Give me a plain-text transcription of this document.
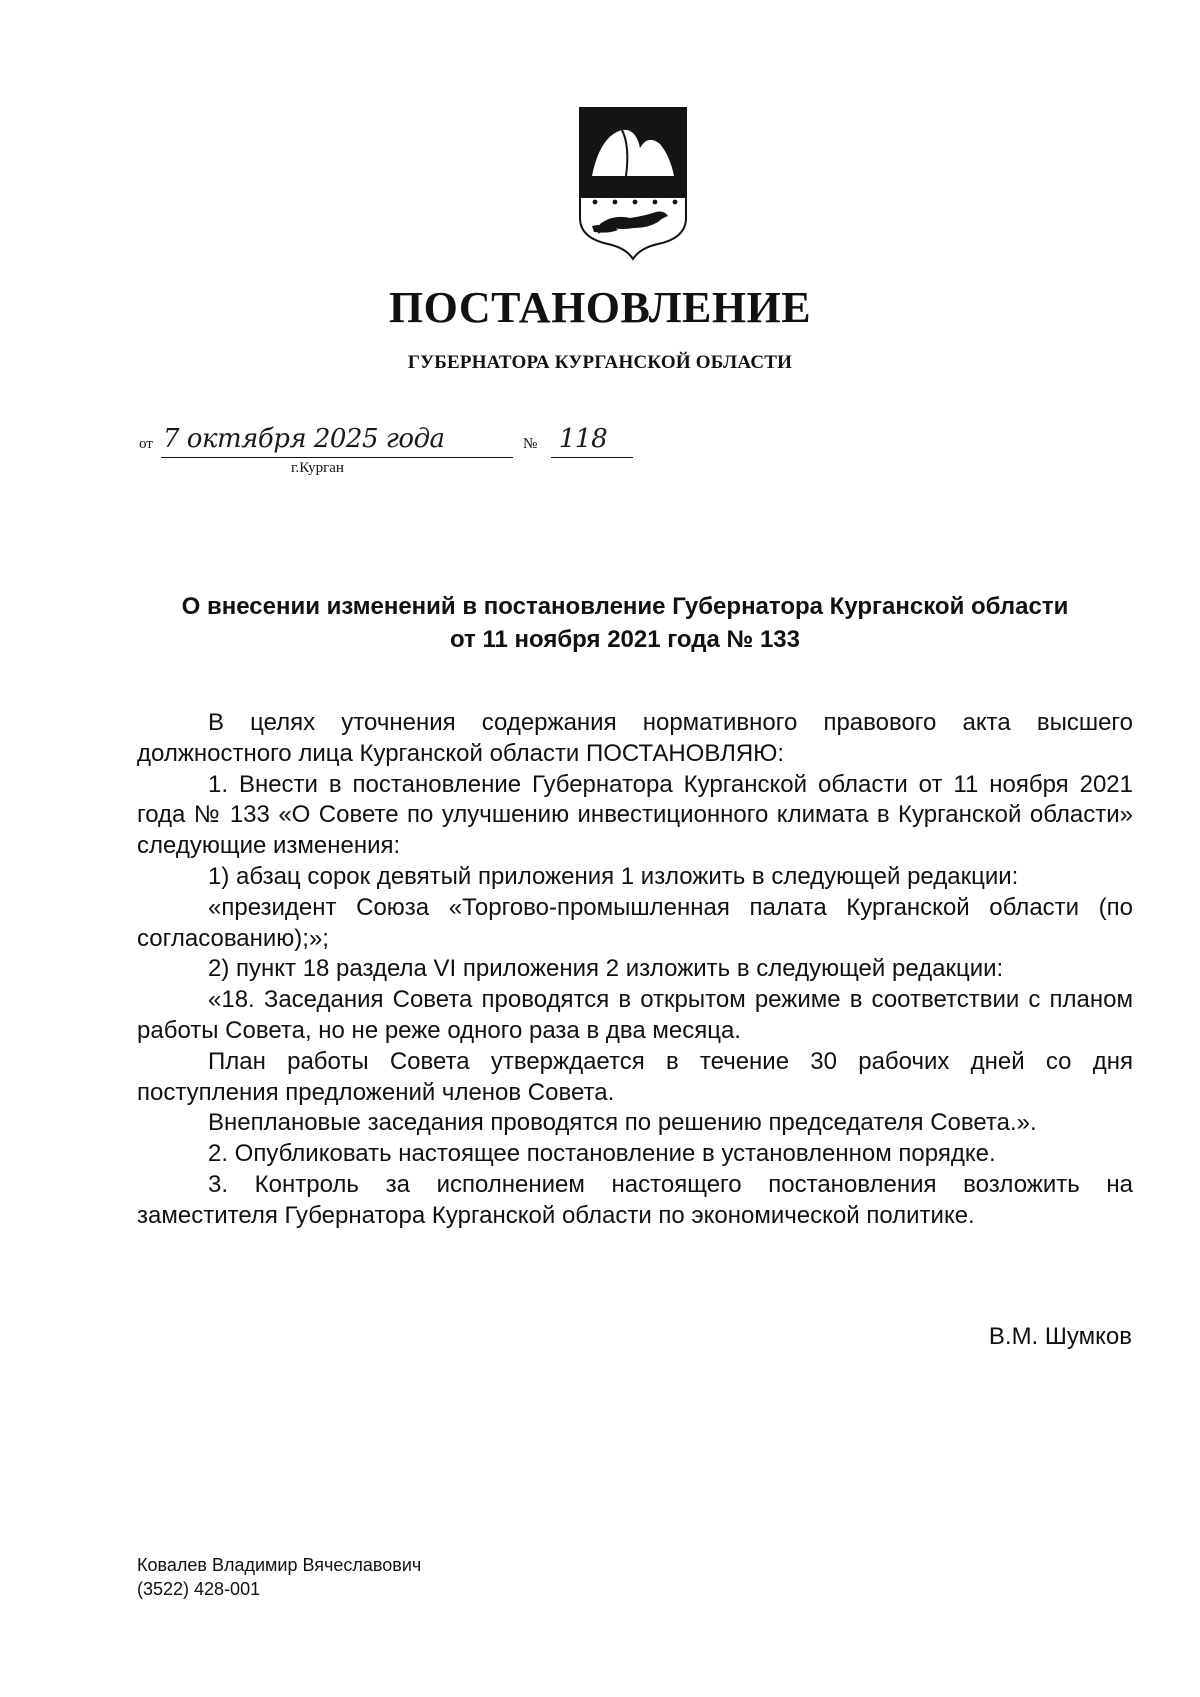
ПОСТАНОВЛЕНИЕ
ГУБЕРНАТОРА КУРГАНСКОЙ ОБЛАСТИ
от 7 октября 2025 года	№ 118
г.Курган
О внесении изменений в постановление Губернатора Курганской области
от 11 ноября 2021 года № 133

В целях уточнения содержания нормативного правового акта высшего должностного лица Курганской области ПОСТАНОВЛЯЮ:

1. Внести в постановление Губернатора Курганской области от 11 ноября 2021 года № 133 «О Совете по улучшению инвестиционного климата в Курганской области» следующие изменения:

1) абзац сорок девятый приложения 1 изложить в следующей редакции:

«президент Союза «Торгово-промышленная палата Курганской области (по согласованию);»;

2) пункт 18 раздела VI приложения 2 изложить в следующей редакции:

«18. Заседания Совета проводятся в открытом режиме в соответствии с планом работы Совета, но не реже одного раза в два месяца.

План работы Совета утверждается в течение 30 рабочих дней со дня поступления предложений членов Совета.

Внеплановые заседания проводятся по решению председателя Совета.».

2. Опубликовать настоящее постановление в установленном порядке.

3. Контроль за исполнением настоящего постановления возложить на заместителя Губернатора Курганской области по экономической политике.

В.М. Шумков
Ковалев Владимир Вячеславович
(3522) 428-001
